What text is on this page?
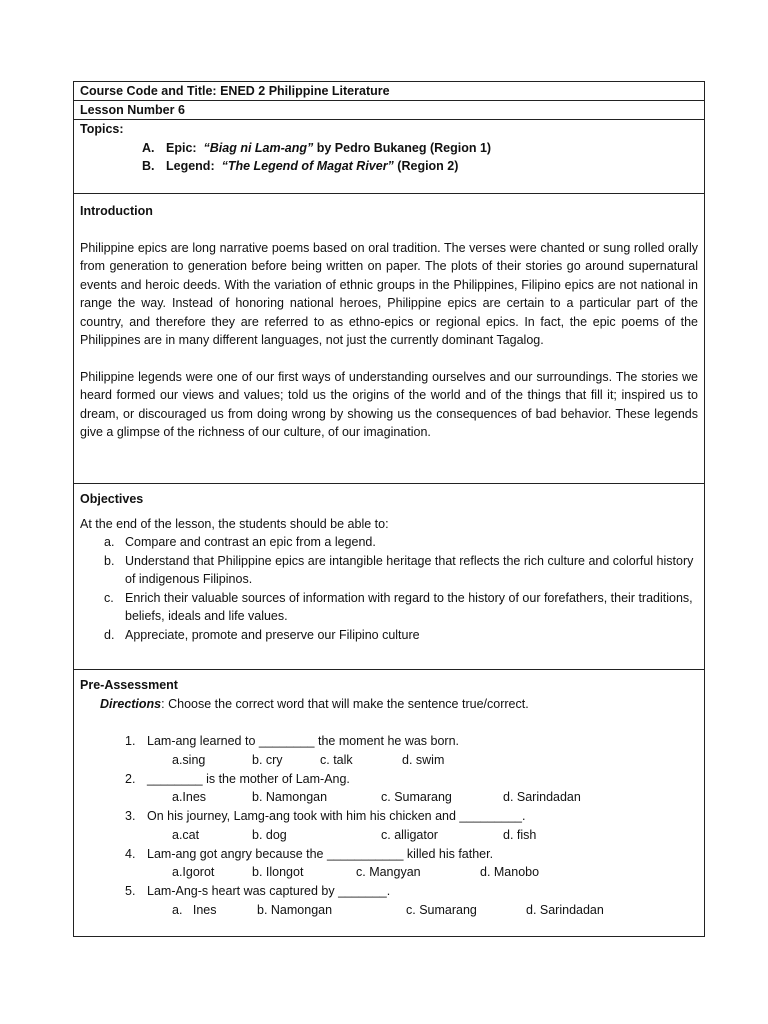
Course Code and Title: ENED 2 Philippine Literature
Lesson Number 6
Topics:
A. Epic: “Biag ni Lam-ang” by Pedro Bukaneg (Region 1)
B. Legend: “The Legend of Magat River” (Region 2)
Introduction

Philippine epics are long narrative poems based on oral tradition. The verses were chanted or sung rolled orally from generation to generation before being written on paper. The plots of their stories go around supernatural events and heroic deeds. With the variation of ethnic groups in the Philippines, Filipino epics are not national in range the way. Instead of honoring national heroes, Philippine epics are certain to a particular part of the country, and therefore they are referred to as ethno-epics or regional epics. In fact, the epic poems of the Philippines are in many different languages, not just the currently dominant Tagalog.

Philippine legends were one of our first ways of understanding ourselves and our surroundings. The stories we heard formed our views and values; told us the origins of the world and of the things that fill it; inspired us to dream, or discouraged us from doing wrong by showing us the consequences of bad behavior. These legends give a glimpse of the richness of our culture, of our imagination.

Objectives
At the end of the lesson, the students should be able to:
a. Compare and contrast an epic from a legend.
b. Understand that Philippine epics are intangible heritage that reflects the rich culture and colorful history of indigenous Filipinos.
c. Enrich their valuable sources of information with regard to the history of our forefathers, their traditions, beliefs, ideals and life values.
d. Appreciate, promote and preserve our Filipino culture
Pre-Assessment
Directions: Choose the correct word that will make the sentence true/correct.
1. Lam-ang learned to ________ the moment he was born.
a.sing	b. cry	c. talk	d. swim
2. ________ is the mother of Lam-Ang.
a.Ines	b. Namongan	c. Sumarang	d. Sarindadan
3. On his journey, Lamg-ang took with him his chicken and _________.
a.cat	b. dog	c. alligator	d. fish
4. Lam-ang got angry because the ___________ killed his father.
a.Igorot	b. Ilongot	c. Mangyan	d. Manobo
5. Lam-Ang-s heart was captured by _______.
a.   Ines	b. Namongan	c. Sumarang	d. Sarindadan
